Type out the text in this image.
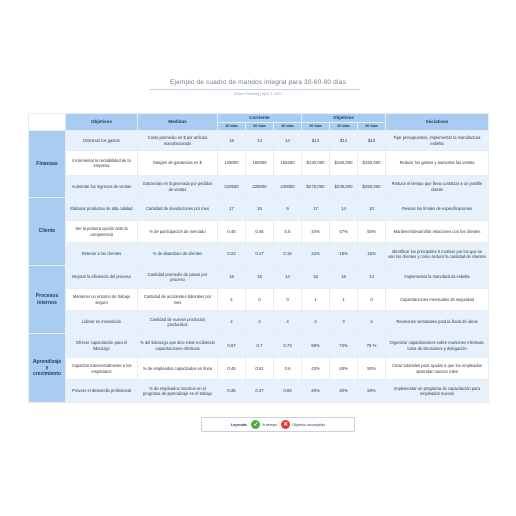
Ejemplo de cuadro de mandos integral para 30-60-90 días
Robert Tersteeg | April 3, 2021
	Objetivos	Medidas	Corriente			Objetivos			Iniciativas
			30 días	60 días	90 días	30 días	60 días	90 días	
Finanzas	Disminuir los gastos	Costo promedio en $ por artículo manufacturado	15	14	14	$14	$14	$13	Fijar presupuestos, implementar la manufactura esbelta
	Incrementar la rentabilidad de la empresa	Margen de ganancias en $	125000	160000	156250	$130,000	$160,000	$150,000	Reducir los gastos y aumentar las ventas
	Aumentar los ingresos de ventas	Ganancias en $ generada por pedidos de ventas	210500	229000	240000	$270,000	$230,000	$250,000	Reducir el tiempo que lleva contactar a un posible cliente
Cliente	Elaborar productos de alta calidad	Cantidad de devoluciones por mes	17	15	9	17	14	10	Revisar los límites de especificaciones
	Ser la primera opción ante la competencia	% de participación de mercado	0.45	0.46	0.5	44%	47%	50%	Mantener/desarrollar relaciones con los clientes
	Retener a los clientes	% de abandono de clientes	0.22	0.17	0.16	22%	18%	15%	Identificar los principales 5 motivos por los que se van los clientes y cómo reducir la cantidad de clientes
Procesos internos	Mejorar la eficiencia del proceso	Cantidad promedio de pasos por proceso	15	15	14	16	15	14	Implementar la manufactura esbelta
	Mantener un entorno de trabajo seguro	Cantidad de accidentes laborales por mes	2	0	0	1	1	0	Capacitaciones mensuales de seguridad
	Liderar en innovación	Cantidad de nuevos productos producidos	2	3	4	2	3	4	Reuniones semanales para la lluvia de ideas
Aprendizaje y crecimiento	Ofrecer capacitación para el liderazgo	% del liderazgo que dice estar recibiendo capacitaciones efectivas	0.67	0.7	0.73	69%	73%	75 %	Organizar capacitaciones sobre reuniones efectivas, toma de decisiones y delegación
	Capacitar transversalmente a los empleados	% de empleados capacitados en línea	0.45	0.51	0.6	43%	48%	50%	Crear tutoriales para ayudar a que los empleados aprendan nuevos roles
	Proveer el desarrollo profesional	% de empleados inscritos en el programa de aprendizaje en el trabajo	0.35	0.47	0.59	20%	40%	50%	Implementar un programa de capacitación para empleados nuevos
Leyenda: ✓	A tiempo ✕	Objetivo incumplido
